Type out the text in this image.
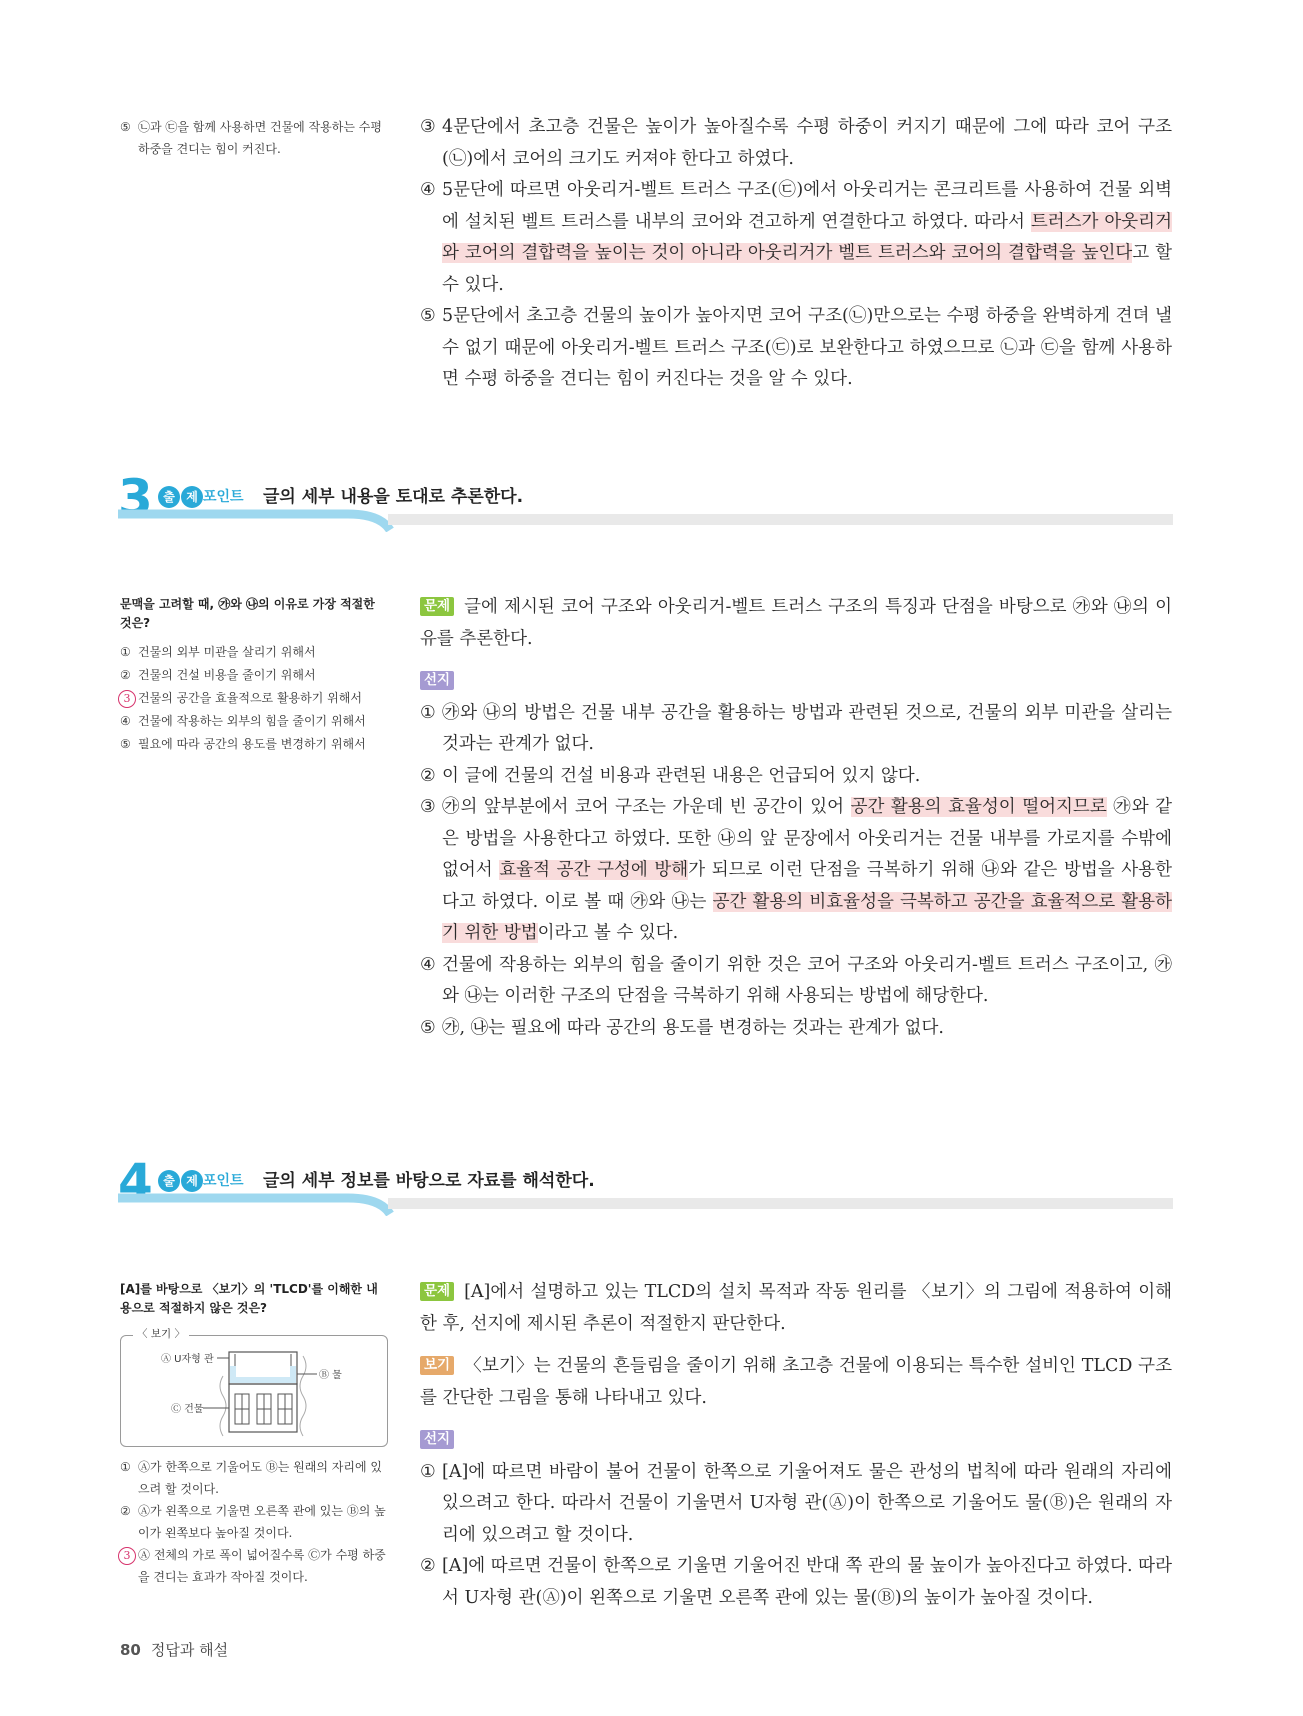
⑤ ㉡과 ㉢을 함께 사용하면 건물에 작용하는 수평 하중을 견디는 힘이 커진다.
③ 4문단에서 초고층 건물은 높이가 높아질수록 수평 하중이 커지기 때문에 그에 따라 코어 구조(㉡)에서 코어의 크기도 커져야 한다고 하였다.
④ 5문단에 따르면 아웃리거-벨트 트러스 구조(㉢)에서 아웃리거는 콘크리트를 사용하여 건물 외벽에 설치된 벨트 트러스를 내부의 코어와 견고하게 연결한다고 하였다. 따라서 트러스가 아웃리거와 코어의 결합력을 높이는 것이 아니라 아웃리거가 벨트 트러스와 코어의 결합력을 높인다고 할 수 있다.
⑤ 5문단에서 초고층 건물의 높이가 높아지면 코어 구조(㉡)만으로는 수평 하중을 완벽하게 견뎌 낼 수 없기 때문에 아웃리거-벨트 트러스 구조(㉢)로 보완한다고 하였으므로 ㉡과 ㉢을 함께 사용하면 수평 하중을 견디는 힘이 커진다는 것을 알 수 있다.
3 출 제 포인트 글의 세부 내용을 토대로 추론한다.
문맥을 고려할 때, ㉮와 ㉯의 이유로 가장 적절한 것은?
① 건물의 외부 미관을 살리기 위해서
② 건물의 건설 비용을 줄이기 위해서
3 건물의 공간을 효율적으로 활용하기 위해서
④ 건물에 작용하는 외부의 힘을 줄이기 위해서
⑤ 필요에 따라 공간의 용도를 변경하기 위해서
문제 글에 제시된 코어 구조와 아웃리거-벨트 트러스 구조의 특징과 단점을 바탕으로 ㉮와 ㉯의 이유를 추론한다.
선지
① ㉮와 ㉯의 방법은 건물 내부 공간을 활용하는 방법과 관련된 것으로, 건물의 외부 미관을 살리는 것과는 관계가 없다.
② 이 글에 건물의 건설 비용과 관련된 내용은 언급되어 있지 않다.
③ ㉮의 앞부분에서 코어 구조는 가운데 빈 공간이 있어 공간 활용의 효율성이 떨어지므로 ㉮와 같은 방법을 사용한다고 하였다. 또한 ㉯의 앞 문장에서 아웃리거는 건물 내부를 가로지를 수밖에 없어서 효율적 공간 구성에 방해가 되므로 이런 단점을 극복하기 위해 ㉯와 같은 방법을 사용한다고 하였다. 이로 볼 때 ㉮와 ㉯는 공간 활용의 비효율성을 극복하고 공간을 효율적으로 활용하기 위한 방법이라고 볼 수 있다.
④ 건물에 작용하는 외부의 힘을 줄이기 위한 것은 코어 구조와 아웃리거-벨트 트러스 구조이고, ㉮와 ㉯는 이러한 구조의 단점을 극복하기 위해 사용되는 방법에 해당한다.
⑤ ㉮, ㉯는 필요에 따라 공간의 용도를 변경하는 것과는 관계가 없다.
4 출 제 포인트 글의 세부 정보를 바탕으로 자료를 해석한다.
[A]를 바탕으로 〈보기〉의 'TLCD'를 이해한 내용으로 적절하지 않은 것은?
〈 보기 〉
Ⓐ U자형 관
Ⓑ 물
Ⓒ 건물
① Ⓐ가 한쪽으로 기울어도 Ⓑ는 원래의 자리에 있으려 할 것이다.
② Ⓐ가 왼쪽으로 기울면 오른쪽 관에 있는 Ⓑ의 높이가 왼쪽보다 높아질 것이다.
3 Ⓐ 전체의 가로 폭이 넓어질수록 Ⓒ가 수평 하중을 견디는 효과가 작아질 것이다.
문제 [A]에서 설명하고 있는 TLCD의 설치 목적과 작동 원리를 〈보기〉의 그림에 적용하여 이해한 후, 선지에 제시된 추론이 적절한지 판단한다.
보기 〈보기〉는 건물의 흔들림을 줄이기 위해 초고층 건물에 이용되는 특수한 설비인 TLCD 구조를 간단한 그림을 통해 나타내고 있다.
선지
① [A]에 따르면 바람이 불어 건물이 한쪽으로 기울어져도 물은 관성의 법칙에 따라 원래의 자리에 있으려고 한다. 따라서 건물이 기울면서 U자형 관(Ⓐ)이 한쪽으로 기울어도 물(Ⓑ)은 원래의 자리에 있으려고 할 것이다.
② [A]에 따르면 건물이 한쪽으로 기울면 기울어진 반대 쪽 관의 물 높이가 높아진다고 하였다. 따라서 U자형 관(Ⓐ)이 왼쪽으로 기울면 오른쪽 관에 있는 물(Ⓑ)의 높이가 높아질 것이다.
80 정답과 해설
